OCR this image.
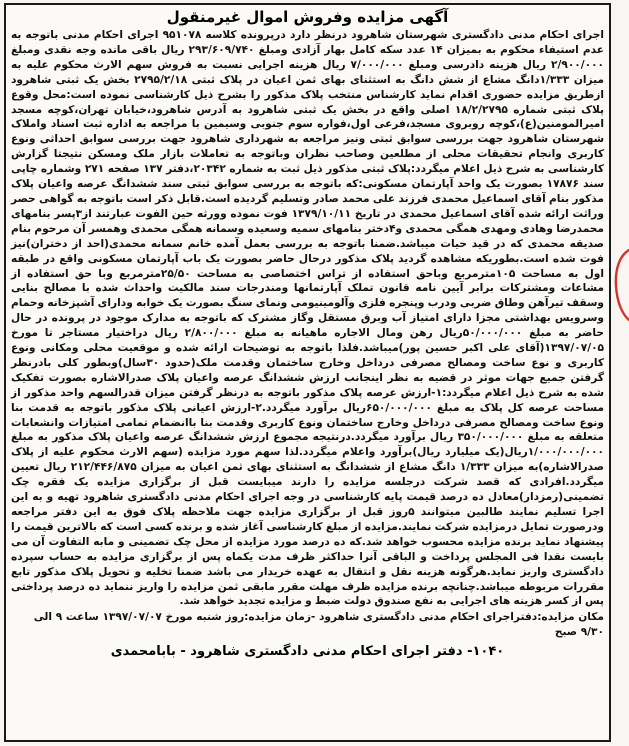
آگهی مزایده وفروش اموال غیرمنقول
اجرای احکام مدنی دادگستری شهرستان شاهرود درنظر دارد درپرونده کلاسه ۹۵۱۰۷۸ اجرای احکام مدنی باتوجه به عدم استیفاء محکوم به بمیزان ۱۴ عدد سکه کامل بهار آزادی ومبلغ ۲۹۳/۶۰۹/۷۴۰ ریال باقی مانده وجه نقدی ومبلغ ۲/۹۰۰/۰۰۰ ریال هزینه دادرسی ومبلغ ۷/۰۰۰/۰۰۰ ریال هزینه اجرایی نسبت به فروش سهم الارث محکوم علیه به میزان ۱/۳۳۳دانگ مشاع از شش دانگ به استثنای بهای ثمن اعیان در پلاک ثبتی ۲۷۹۵/۲/۱۸ بخش یک ثبتی شاهرود ازطریق مزایده حضوری اقدام نماید کارشناس منتخب پلاک مذکور را بشرح ذیل کارشناسی نموده است:محل وقوع پلاک ثبتی شماره ۱۸/۲/۲۷۹۵ اصلی واقع در بخش یک ثبتی شاهرود به آدرس شاهرود،خیابان تهران،کوچه مسجد امیرالمومنین(ع)،کوچه روبروی مسجد،فرعی اول،فواره سوم جنوبی وسیمین با مراجعه به اداره ثبت اسناد واملاک شهرستان شاهرود جهت بررسی سوابق ثبتی ونیز مراجعه به شهرداری شاهرود جهت بررسی سوابق احداثی ونوع کاربری وانجام تحقیقات محلی از مطلعین وصاحب نظران وباتوجه به تعاملات بازار ملک ومسکن نتیجتا گزارش کارشناسی به شرح ذیل اعلام میگردد:پلاک ثبتی مذکور ذیل ثبت به شماره ۲۰۳۴۲،دفتر ۱۳۷ صفحه ۲۷۱ وشماره چاپی سند ۱۷۸۷۶ بصورت یک واحد آپارتمان مسکونی:که باتوجه به بررسی سوابق ثبتی سند ششدانگ عرصه واعیان پلاک مذکور بنام آقای اسماعیل محمدی فرزند علی محمد صادر وتسلیم گردیده است.قابل ذکر است باتوجه به گواهی حصر وراثت ارائه شده آقای اسماعیل محمدی در تاریخ ۱۳۷۹/۱۰/۱۱ فوت نموده وورثه حین الفوت عبارتند از۳پسر بنامهای محمدرضا وهادی ومهدی همگی محمدی و۴دختر بنامهای سمیه وسعیده وسمانه همگی محمدی وهمسر آن مرحوم بنام صدیقه محمدی که در قید حیات میباشد.ضمنا باتوجه به بررسی بعمل آمده خانم سمانه محمدی(احد از دختران)نیز فوت شده است.بطوریکه مشاهده گردید پلاک مذکور درحال حاضر بصورت یک باب آپارتمان مسکونی واقع در طبقه اول به مساحت ۱۰۵مترمربع وباحق استفاده از تراس اختصاصی به مساحت ۲۵/۵۰مترمربع وبا حق استفاده از مشاعات ومشترکات برابر آیین نامه قانون تملک آپارتمانها ومندرجات سند مالکیت واحداث شده با مصالح بنایی وسقف تیرآهن وطاق ضربی ودرب وپنجره فلزی وآلومینیومی ونمای سنگ بصورت یک خوابه ودارای آشپزخانه وحمام وسرویس بهداشتی مجزا دارای امتیاز آب وبرق مستقل وگاز مشترک که باتوجه به مدارک موجود در پرونده در حال حاضر به مبلغ ۵۰/۰۰۰/۰۰۰ریال رهن ومال الاجاره ماهیانه به مبلغ ۲/۸۰۰/۰۰۰ ریال دراختیار مستاجر تا مورخ ۱۳۹۷/۰۷/۰۵(آقای علی اکبر حسین پور)میباشد.فلذا باتوجه به توضیحات ارائه شده و موقعیت محلی ومکانی ونوع کاربری و نوع ساخت ومصالح مصرفی درداخل وخارج ساختمان وقدمت ملک(حدود ۳۰سال)وبطور کلی بادرنظر گرفتن جمیع جهات موثر در قضیه به نظر اینجانب ارزش ششدانگ عرصه واعیان پلاک صدرالاشاره بصورت تفکیک شده به شرح ذیل اعلام میگردد:۱-ارزش عرصه پلاک مذکور باتوجه به درنظر گرفتن میزان قدرالسهم واحد مذکور از مساحت عرصه کل پلاک به مبلغ ۶۵۰/۰۰۰/۰۰۰ریال برآورد میگردد.۲-ارزش اعیانی پلاک مذکور باتوجه به قدمت بنا ونوع ساخت ومصالح مصرفی درداخل وخارج ساختمان ونوع کاربری وقدمت بنا باانضمام تمامی امتیازات وانشعابات متعلقه به مبلغ ۳۵۰/۰۰۰/۰۰۰ ریال برآورد میگردد.درنتیجه مجموع ارزش ششدانگ عرصه واعیان پلاک مذکور به مبلغ ۱/۰۰۰/۰۰۰/۰۰۰ریال(یک میلیارد ریال)برآورد واعلام میگردد.لذا سهم مورد مزایده (سهم الارث محکوم علیه از پلاک صدرالاشاره)به میزان ۱/۳۳۳ دانگ مشاع از ششدانگ به استثنای بهای ثمن اعیان به میزان ۲۱۲/۴۴۶/۸۷۵ ریال تعیین میگردد.افرادی که قصد شرکت درجلسه مزایده را دارند میبایست قبل از برگزاری مزایده یک فقره چک تضمینی(رمزدار)معادل ده درصد قیمت پایه کارشناسی در وجه اجرای احکام مدنی دادگستری شاهرود تهیه و به این اجرا تسلیم نمایند طالبین میتوانند ۵روز قبل از برگزاری مزایده جهت ملاحظه پلاک فوق به این دفتر مراجعه ودرصورت تمایل درمزایده شرکت نمایند.مزایده از مبلغ کارشناسی آغاز شده و برنده کسی است که بالاترین قیمت را پیشنهاد نماید برنده مزایده محسوب خواهد شد.که ده درصد مورد مزایده از محل چک تضمینی و مابه التفاوت آن می بایست نقدا فی المجلس پرداخت و الباقی آنرا حداکثر ظرف مدت یکماه پس از برگزاری مزایده به حساب سپرده دادگستری واریز نماید.هرگونه هزینه نقل و انتقال به عهده خریدار می باشد ضمنا تخلیه و تحویل پلاک مذکور تابع مقررات مربوطه میباشد.چنانچه برنده مزایده ظرف مهلت مقرر مابقی ثمن مزایده را واریز ننماید ده درصد پرداختی پس از کسر هزینه های اجرایی به نفع صندوق دولت ضبط و مزایده تجدید خواهد شد.
مکان مزایده:دفتراجرای احکام مدنی دادگستری شاهرود -زمان مزایده:روز شنبه مورخ ۱۳۹۷/۰۷/۰۷ ساعت ۹ الی ۹/۳۰ صبح
۱۰۴۰- دفتر اجرای احکام مدنی دادگستری شاهرود - بابامحمدی
